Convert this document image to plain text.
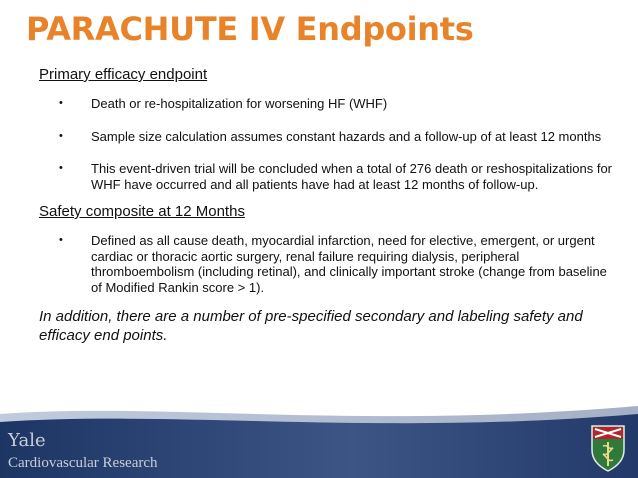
PARACHUTE IV Endpoints

Primary efficacy endpoint

• Death or re-hospitalization for worsening HF (WHF)
• Sample size calculation assumes constant hazards and a follow-up of at least 12 months
• This event-driven trial will be concluded when a total of 276 death or reshospitalizations for WHF have occurred and all patients have had at least 12 months of follow-up.

Safety composite at 12 Months

• Defined as all cause death, myocardial infarction, need for elective, emergent, or urgent cardiac or thoracic aortic surgery, renal failure requiring dialysis, peripheral thromboembolism (including retinal), and clinically important stroke (change from baseline of Modified Rankin score > 1).

In addition, there are a number of pre-specified secondary and labeling safety and efficacy end points.

Yale
Cardiovascular Research
